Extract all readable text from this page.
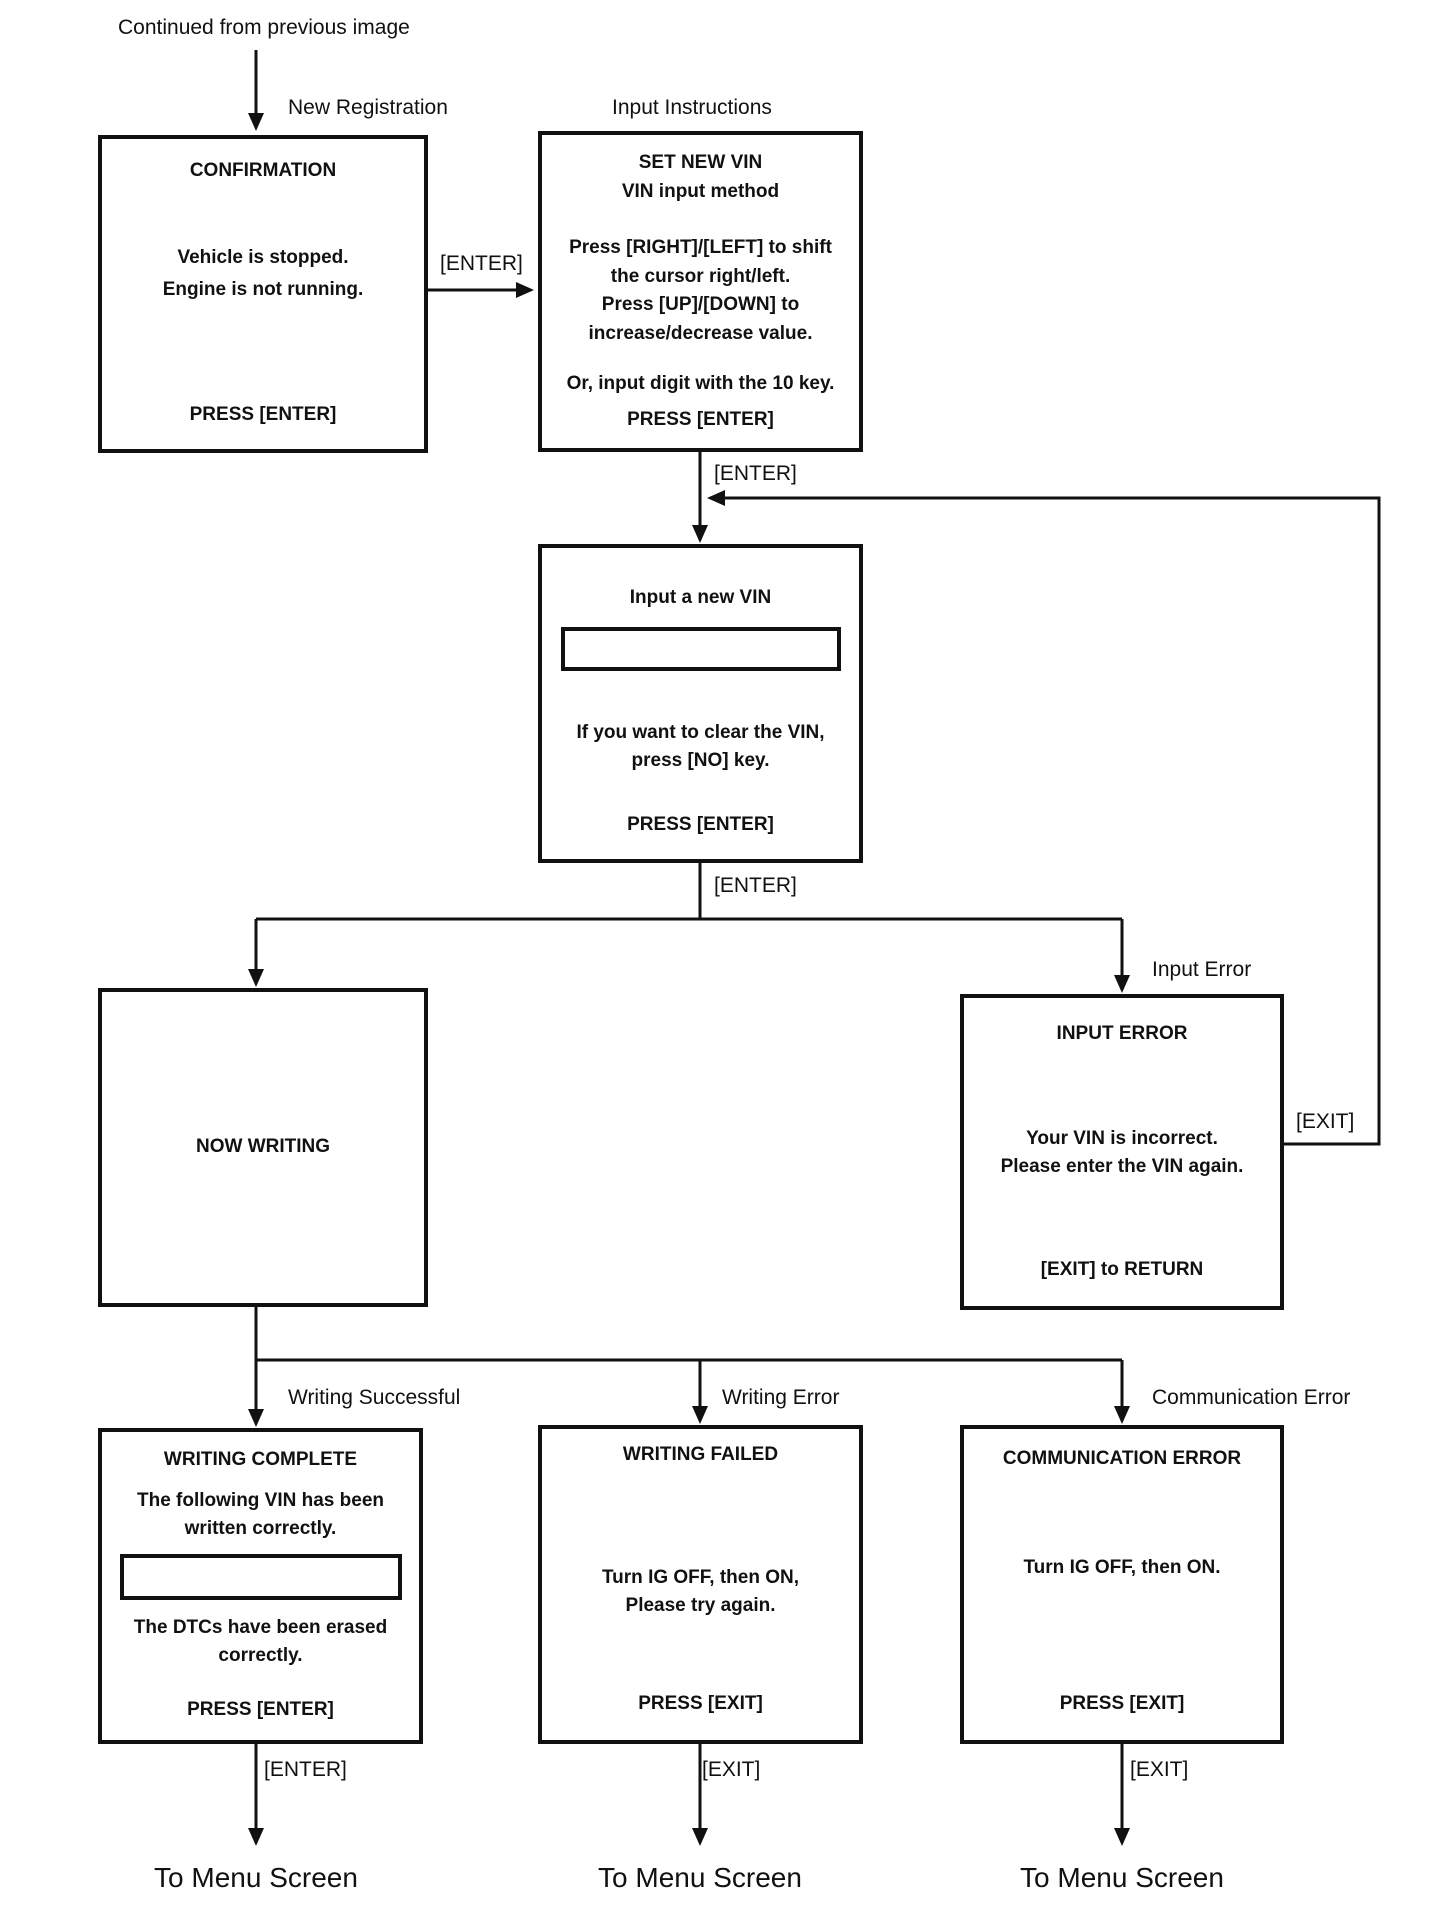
Continued from previous image
New Registration	Input Instructions
[ENTER]
[ENTER]
[ENTER]
Input Error
[EXIT]
Writing Successful	Writing Error	Communication Error
[ENTER]	[EXIT]	[EXIT]
To Menu Screen	To Menu Screen	To Menu Screen
CONFIRMATION
Vehicle is stopped.
Engine is not running.
PRESS [ENTER]
SET NEW VIN
VIN input method
Press [RIGHT]/[LEFT] to shift
the cursor right/left.
Press [UP]/[DOWN] to
increase/decrease value.
Or, input digit with the 10 key.
PRESS [ENTER]
Input a new VIN
If you want to clear the VIN,
press [NO] key.
PRESS [ENTER]
NOW WRITING
INPUT ERROR
Your VIN is incorrect.
Please enter the VIN again.
[EXIT] to RETURN
WRITING COMPLETE
The following VIN has been
written correctly.
The DTCs have been erased
correctly.
PRESS [ENTER]
WRITING FAILED
Turn IG OFF, then ON,
Please try again.
PRESS [EXIT]
COMMUNICATION ERROR
Turn IG OFF, then ON.
PRESS [EXIT]
